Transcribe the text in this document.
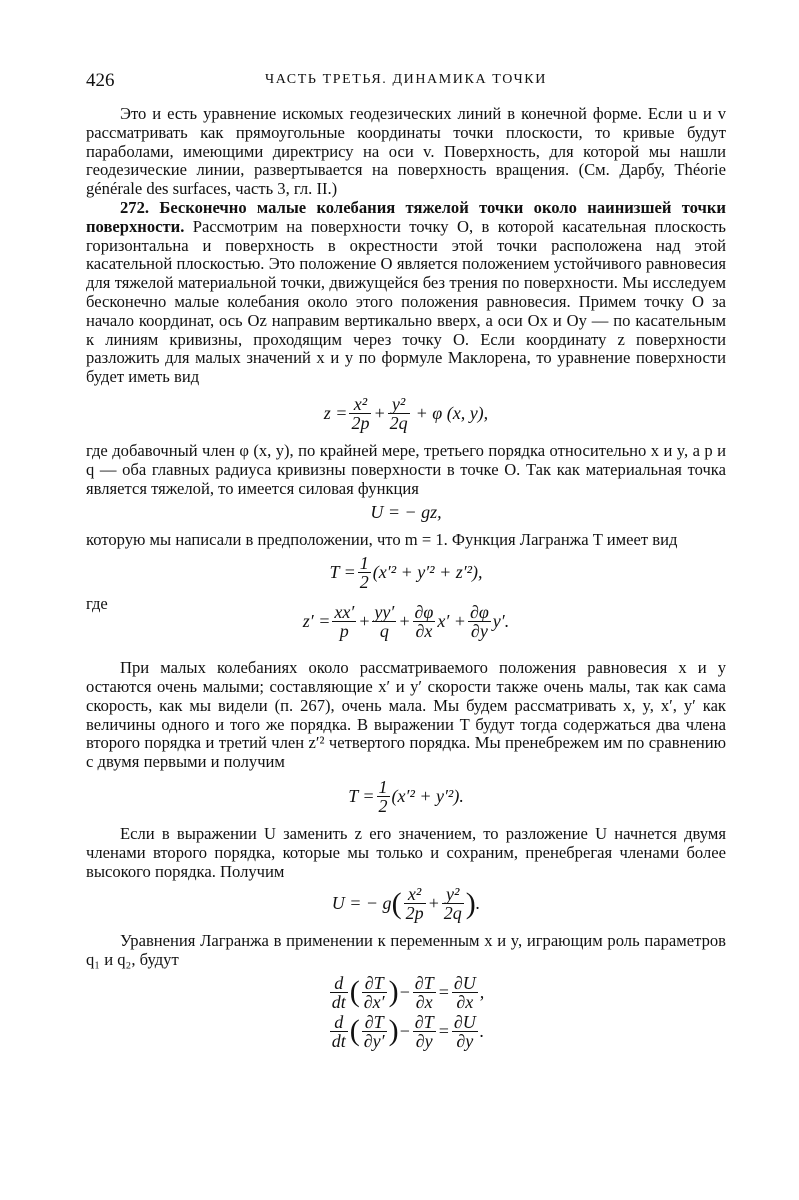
426	ЧАСТЬ ТРЕТЬЯ. ДИНАМИКА ТОЧКИ

Это и есть уравнение искомых геодезических линий в конечной форме. Если u и v рассматривать как прямоугольные координаты точки плоскости, то кривые будут параболами, имеющими директрису на оси v. Поверхность, для которой мы нашли геодезические линии, развертывается на поверхность вращения. (См. Дарбу, Théorie générale des surfaces, часть 3, гл. II.)

272. Бесконечно малые колебания тяжелой точки около наинизшей точки поверхности. Рассмотрим на поверхности точку O, в которой касательная плоскость горизонтальна и поверхность в окрестности этой точки расположена над этой касательной плоскостью. Это положение O является положением устойчивого равновесия для тяжелой материальной точки, движущейся без трения по поверхности. Мы исследуем бесконечно малые колебания около этого положения равновесия. Примем точку O за начало координат, ось Oz направим вертикально вверх, а оси Ox и Oy — по касательным к линиям кривизны, проходящим через точку O. Если координату z поверхности разложить для малых значений x и y по формуле Маклорена, то уравнение поверхности будет иметь вид

$z = \frac{\text{x²}}{2p} + \frac{\text{y²}}{2q} + \varphi$ (x, y),

где добавочный член φ (x, y), по крайней мере, третьего порядка относительно x и y, а p и q — оба главных радиуса кривизны поверхности в точке O. Так как материальная точка является тяжелой, то имеется силовая функция

U = − gz,

которую мы написали в предположении, что m = 1. Функция Лагранжа T имеет вид

$T = \frac{1}{2} (x'^2 + y'^2 + z'^2)$,
где
$z' = \frac{xx'}{p} + \frac{yy'}{q} + \frac{\partial\varphi}{\partial x} x' + \frac{\partial\varphi}{\partial y} y'$.

При малых колебаниях около рассматриваемого положения равновесия x и y остаются очень малыми; составляющие x′ и y′ скорости также очень малы, так как сама скорость, как мы видели (п. 267), очень мала. Мы будем рассматривать x, y, x′, y′ как величины одного и того же порядка. В выражении T будут тогда содержаться два члена второго порядка и третий член z′² четвертого порядка. Мы пренебрежем им по сравнению с двумя первыми и получим

$T = \frac{1}{2} (x'^2 + y'^2)$.

Если в выражении U заменить z его значением, то разложение U начнется двумя членами второго порядка, которые мы только и сохраним, пренебрегая членами более высокого порядка. Получим

U = − g ( $\frac{\text{x²}}{2p} + \frac{\text{y²}}{2q}$ ) .

Уравнения Лагранжа в применении к переменным x и y, играющим роль параметров q₁ и q₂, будут

$\frac{d}{dt}$ ( $\frac{\partial T}{\partial x'}$ ) − $\frac{\partial T}{\partial x} = \frac{\partial U}{\partial x}$ ,
$\frac{d}{dt}$ ( $\frac{\partial T}{\partial y'}$ ) − $\frac{\partial T}{\partial y} = \frac{\partial U}{\partial y}$ .
